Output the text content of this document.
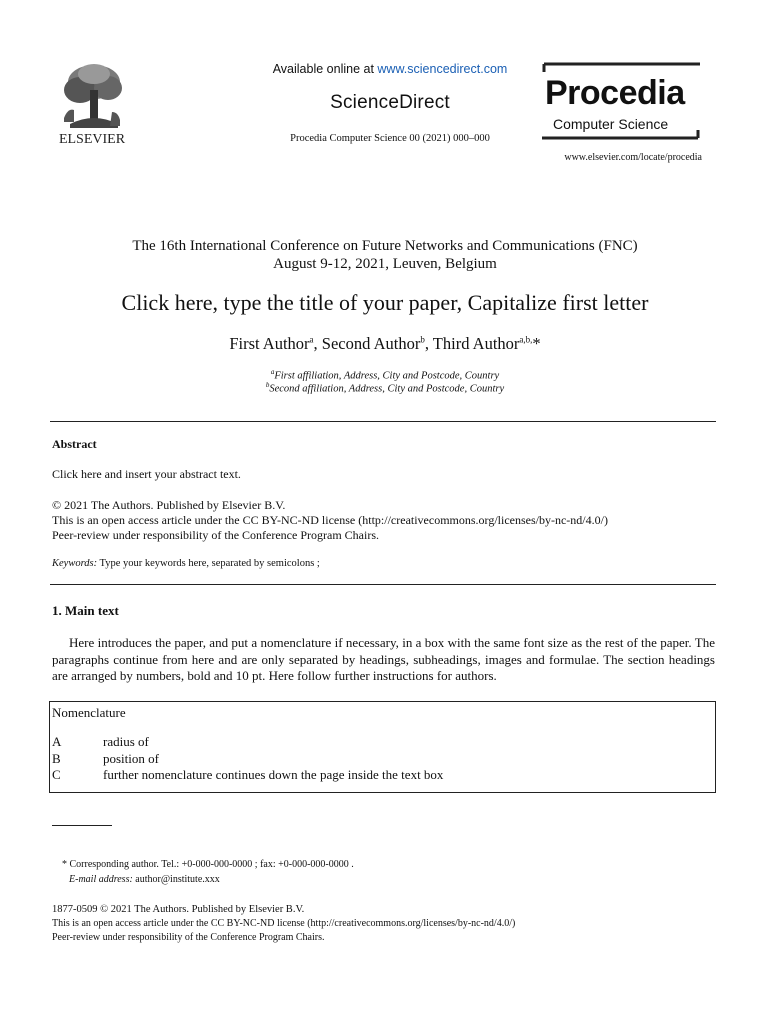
ELSEVIER
Available online at www.sciencedirect.com
ScienceDirect
Procedia Computer Science 00 (2021) 000–000
Procedia
Computer Science
www.elsevier.com/locate/procedia
The 16th International Conference on Future Networks and Communications (FNC)
August 9-12, 2021, Leuven, Belgium
Click here, type the title of your paper, Capitalize first letter
First Author$^a$, Second Author$^b$, Third Author$^{a,b,}$*
$^a$First affiliation, Address, City and Postcode, Country
$^b$Second affiliation, Address, City and Postcode, Country
Abstract
Click here and insert your abstract text.
© 2021 The Authors. Published by Elsevier B.V.
This is an open access article under the CC BY-NC-ND license (http://creativecommons.org/licenses/by-nc-nd/4.0/)
Peer-review under responsibility of the Conference Program Chairs.
Keywords: Type your keywords here, separated by semicolons ;
1. Main text
Here introduces the paper, and put a nomenclature if necessary, in a box with the same font size as the rest of the paper. The paragraphs continue from here and are only separated by headings, subheadings, images and formulae. The section headings are arranged by numbers, bold and 10 pt. Here follow further instructions for authors.
Nomenclature
A	radius of
B	position of
C	further nomenclature continues down the page inside the text box
* Corresponding author. Tel.: +0-000-000-0000 ; fax: +0-000-000-0000 .
E-mail address: author@institute.xxx
1877-0509 © 2021 The Authors. Published by Elsevier B.V.
This is an open access article under the CC BY-NC-ND license (http://creativecommons.org/licenses/by-nc-nd/4.0/)
Peer-review under responsibility of the Conference Program Chairs.
